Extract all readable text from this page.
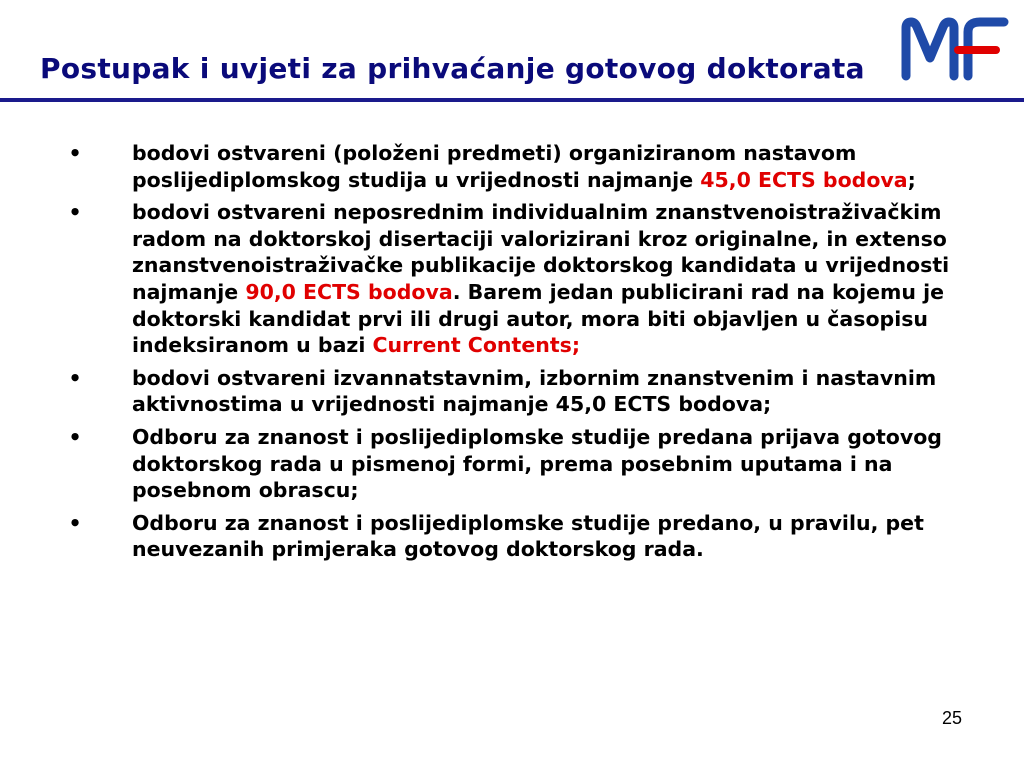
Postupak i uvjeti za prihvaćanje gotovog doktorata
•	bodovi ostvareni (položeni predmeti) organiziranom nastavom poslijediplomskog studija u vrijednosti najmanje 45,0 ECTS bodova;
•	bodovi ostvareni neposrednim individualnim znanstvenoistraživačkim radom na doktorskoj disertaciji valorizirani kroz originalne, in extenso znanstvenoistraživačke publikacije doktorskog kandidata u vrijednosti najmanje 90,0 ECTS bodova. Barem jedan publicirani rad na kojemu je doktorski kandidat prvi ili drugi autor, mora biti objavljen u časopisu indeksiranom u bazi Current Contents;
•	bodovi ostvareni izvannatstavnim, izbornim znanstvenim i nastavnim aktivnostima u vrijednosti najmanje 45,0 ECTS bodova;
•	Odboru za znanost i poslijediplomske studije predana prijava gotovog doktorskog rada u pismenoj formi, prema posebnim uputama i na posebnom obrascu;
•	Odboru za znanost i poslijediplomske studije predano, u pravilu, pet neuvezanih primjeraka gotovog doktorskog rada.
25
